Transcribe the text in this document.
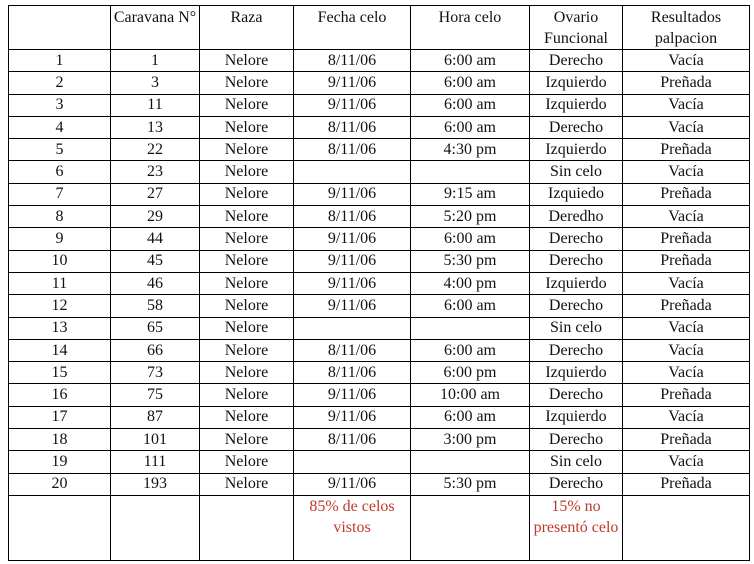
	Caravana N°	Raza	Fecha celo	Hora celo	Ovario Funcional	Resultados palpacion
1	1	Nelore	8/11/06	6:00 am	Derecho	Vacía
2	3	Nelore	9/11/06	6:00 am	Izquierdo	Preñada
3	11	Nelore	9/11/06	6:00 am	Izquierdo	Vacía
4	13	Nelore	8/11/06	6:00 am	Derecho	Vacía
5	22	Nelore	8/11/06	4:30 pm	Izquierdo	Preñada
6	23	Nelore			Sin celo	Vacía
7	27	Nelore	9/11/06	9:15 am	Izquiedo	Preñada
8	29	Nelore	8/11/06	5:20 pm	Deredho	Vacía
9	44	Nelore	9/11/06	6:00 am	Derecho	Preñada
10	45	Nelore	9/11/06	5:30 pm	Derecho	Preñada
11	46	Nelore	9/11/06	4:00 pm	Izquierdo	Vacía
12	58	Nelore	9/11/06	6:00 am	Derecho	Preñada
13	65	Nelore			Sin celo	Vacía
14	66	Nelore	8/11/06	6:00 am	Derecho	Vacía
15	73	Nelore	8/11/06	6:00 pm	Izquierdo	Vacía
16	75	Nelore	9/11/06	10:00 am	Derecho	Preñada
17	87	Nelore	9/11/06	6:00 am	Izquierdo	Vacía
18	101	Nelore	8/11/06	3:00 pm	Derecho	Preñada
19	111	Nelore			Sin celo	Vacía
20	193	Nelore	9/11/06	5:30 pm	Derecho	Preñada

			85% de celos vistos		15% no presentó celo	
